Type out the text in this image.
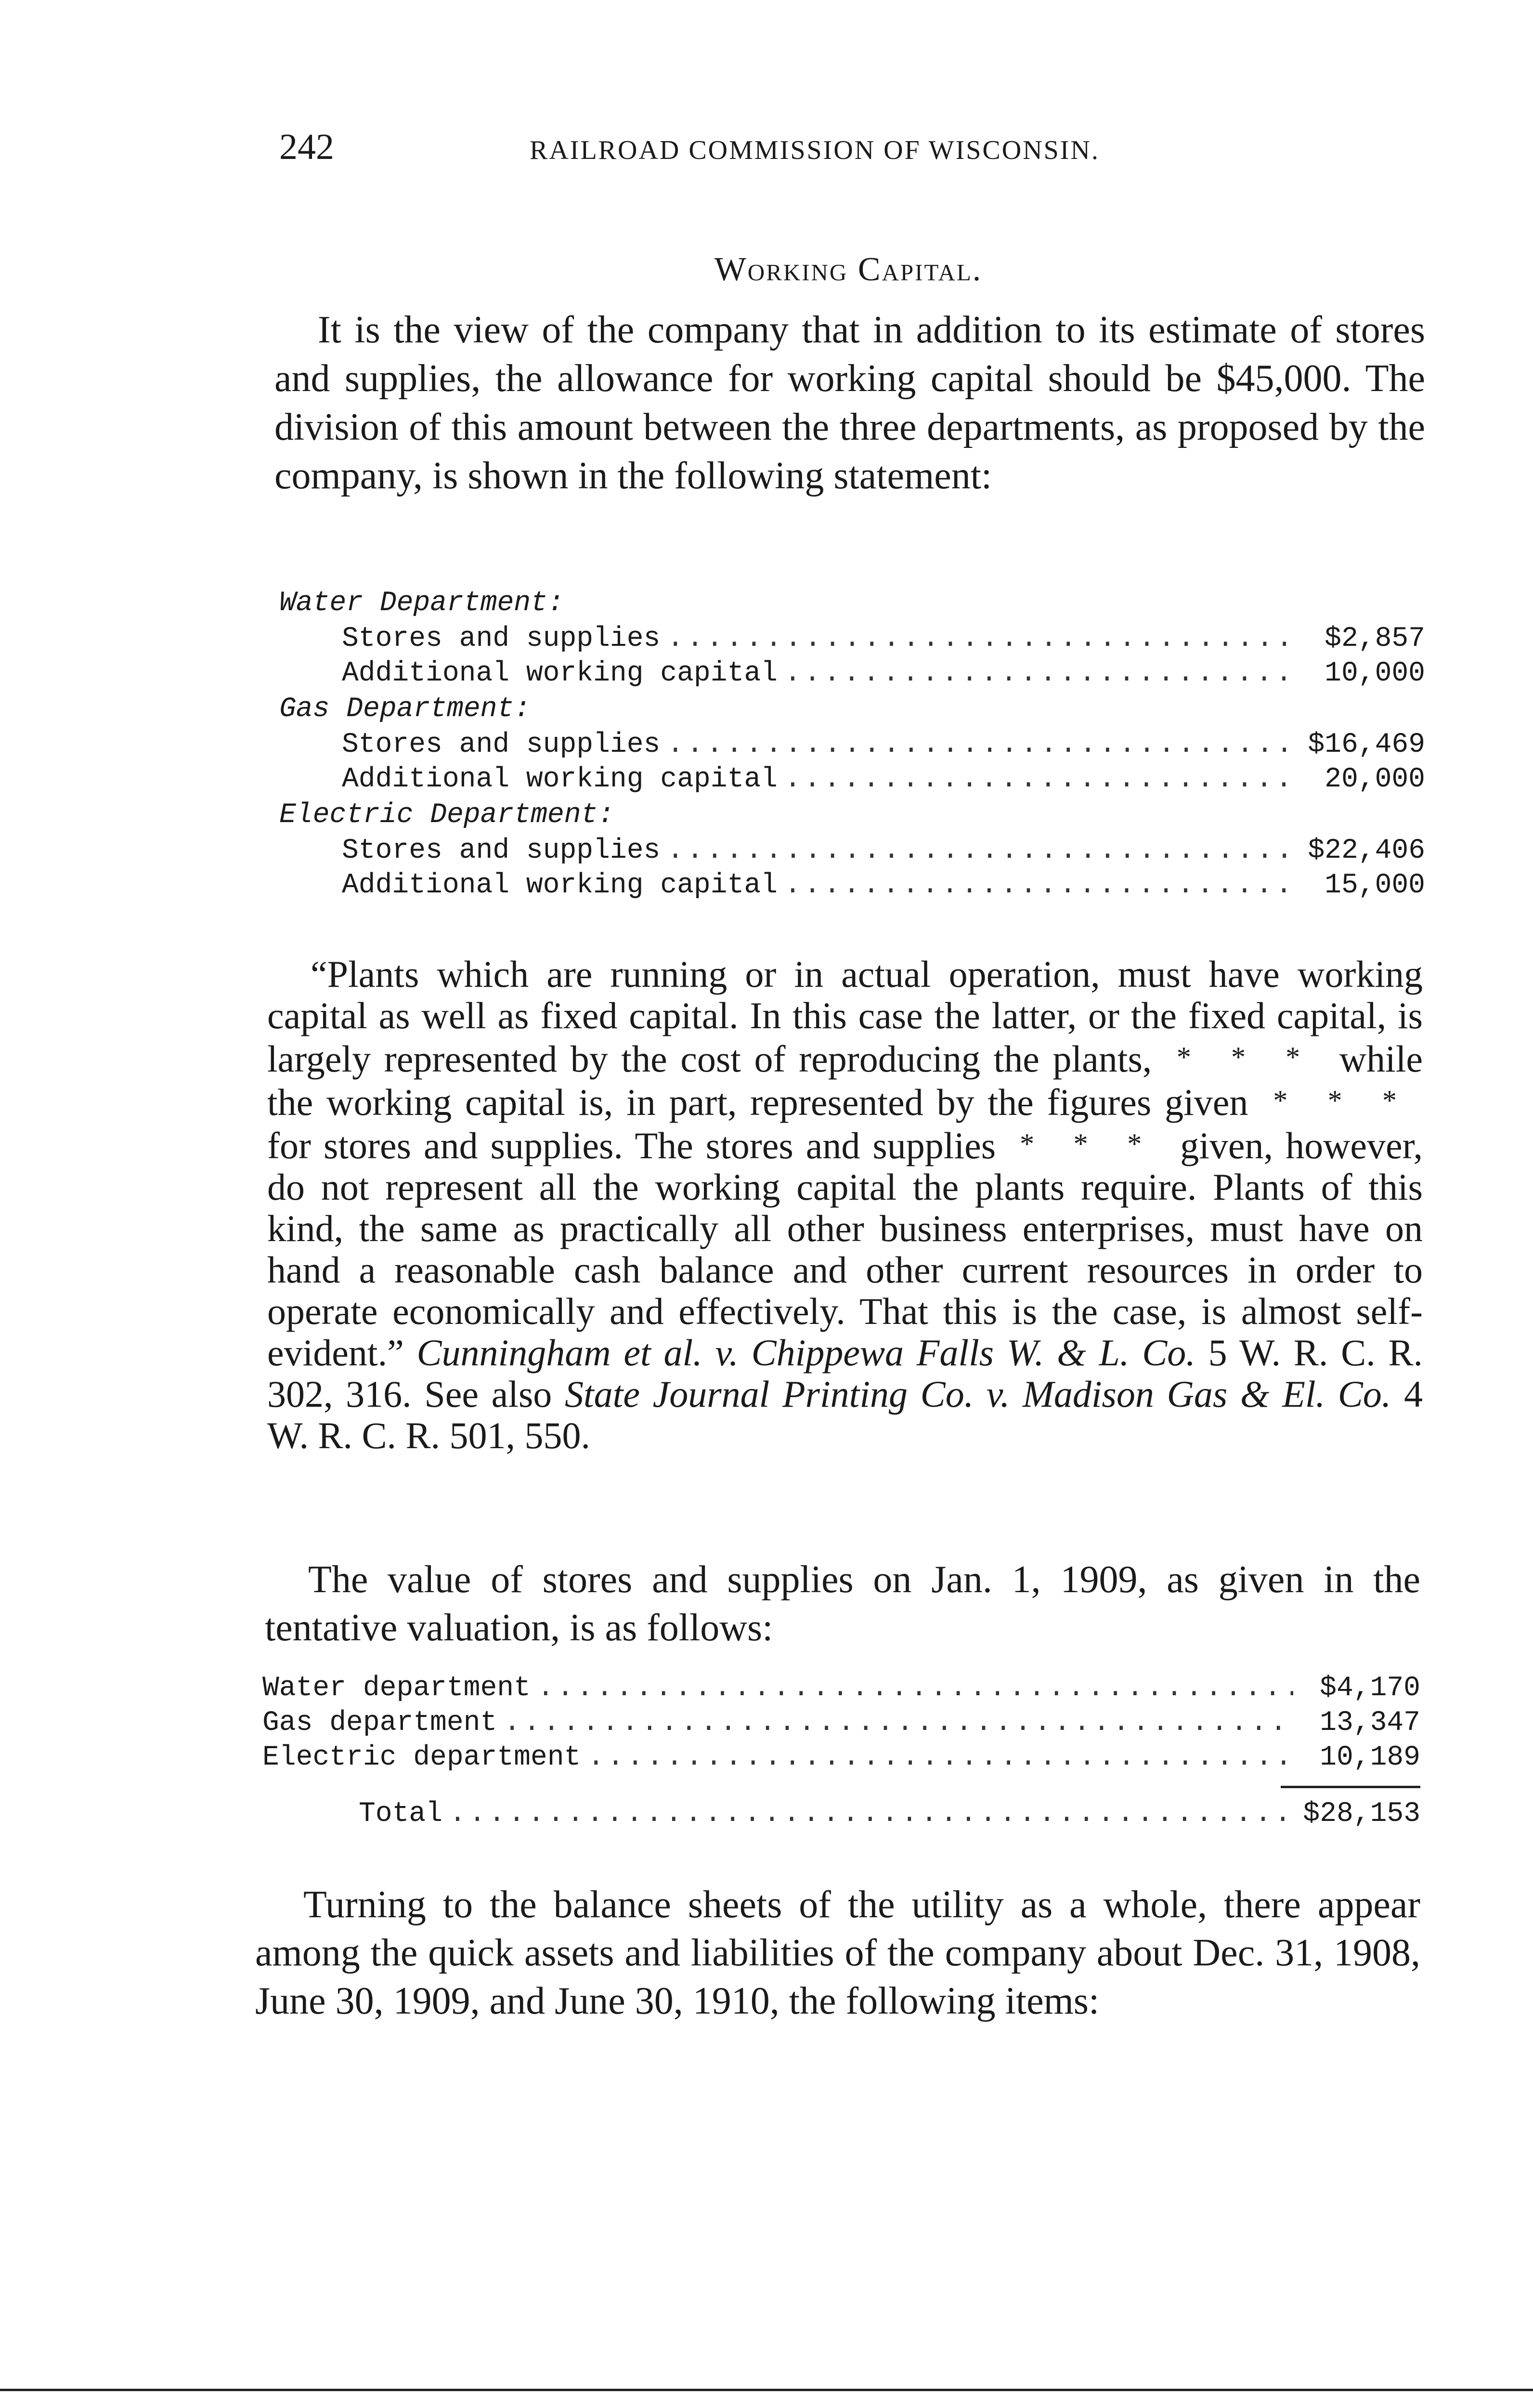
242	RAILROAD COMMISSION OF WISCONSIN.
Working Capital.

It is the view of the company that in addition to its estimate of stores and supplies, the allowance for working capital should be $45,000. The division of this amount between the three departments, as proposed by the company, is shown in the following statement:

Water Department:
Stores and supplies .....	$2,857
Additional working capital .....	10,000
Gas Department:
Stores and supplies .....	$16,469
Additional working capital .....	20,000
Electric Department:
Stores and supplies .....	$22,406
Additional working capital .....	15,000

“Plants which are running or in actual operation, must have working capital as well as fixed capital. In this case the latter, or the fixed capital, is largely represented by the cost of reproducing the plants, * * * while the working capital is, in part, represented by the figures given * * * for stores and supplies. The stores and supplies * * * given, however, do not represent all the working capital the plants require. Plants of this kind, the same as practically all other business enterprises, must have on hand a reasonable cash balance and other current resources in order to operate economically and effectively. That this is the case, is almost self-evident.” Cunningham et al. v. Chippewa Falls W. & L. Co. 5 W. R. C. R. 302, 316. See also State Journal Printing Co. v. Madison Gas & El. Co. 4 W. R. C. R. 501, 550.

The value of stores and supplies on Jan. 1, 1909, as given in the tentative valuation, is as follows:

Water department .....	$4,170
Gas department .....	13,347
Electric department .....	10,189
Total .....	$28,153

Turning to the balance sheets of the utility as a whole, there appear among the quick assets and liabilities of the company about Dec. 31, 1908, June 30, 1909, and June 30, 1910, the following items:
